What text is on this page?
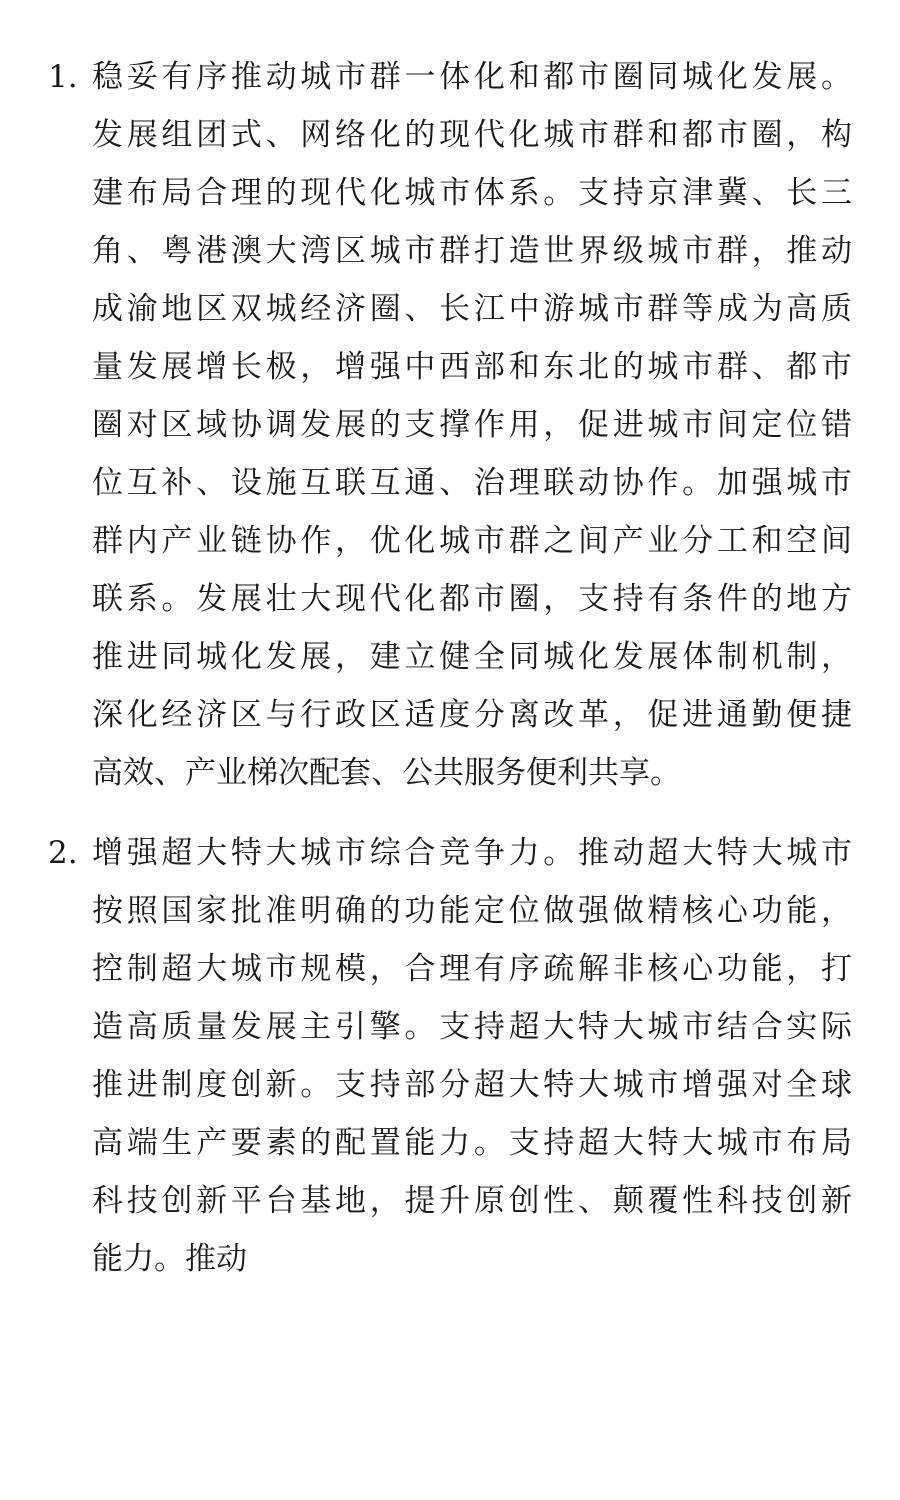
1. 稳妥有序推动城市群一体化和都市圈同城化发展。
发展组团式、网络化的现代化城市群和都市圈，构
建布局合理的现代化城市体系。支持京津冀、长三
角、粤港澳大湾区城市群打造世界级城市群，推动
成渝地区双城经济圈、长江中游城市群等成为高质
量发展增长极，增强中西部和东北的城市群、都市
圈对区域协调发展的支撑作用，促进城市间定位错
位互补、设施互联互通、治理联动协作。加强城市
群内产业链协作，优化城市群之间产业分工和空间
联系。发展壮大现代化都市圈，支持有条件的地方
推进同城化发展，建立健全同城化发展体制机制，
深化经济区与行政区适度分离改革，促进通勤便捷
高效、产业梯次配套、公共服务便利共享。
2. 增强超大特大城市综合竞争力。推动超大特大城市
按照国家批准明确的功能定位做强做精核心功能，
控制超大城市规模，合理有序疏解非核心功能，打
造高质量发展主引擎。支持超大特大城市结合实际
推进制度创新。支持部分超大特大城市增强对全球
高端生产要素的配置能力。支持超大特大城市布局
科技创新平台基地，提升原创性、颠覆性科技创新
能力。推动
